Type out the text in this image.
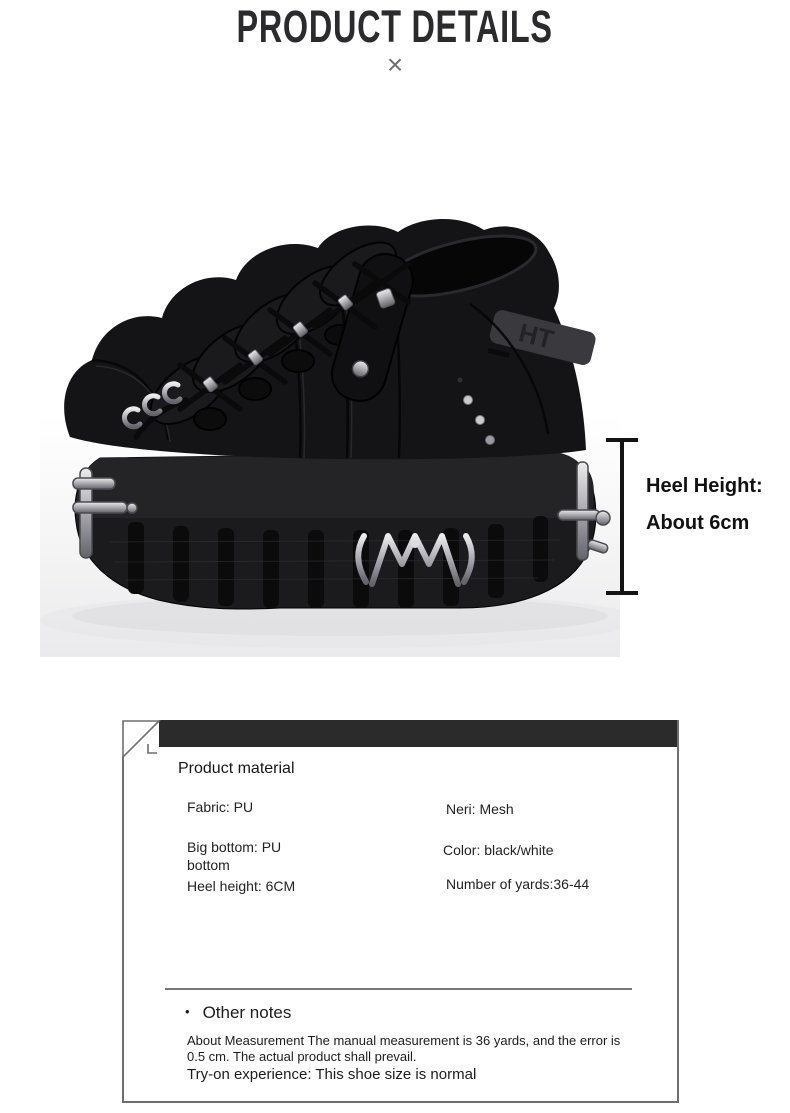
PRODUCT DETAILS
×
HT
Heel Height:
About 6cm
Product material
Fabric: PU	Neri: Mesh
Big bottom: PU bottom
Color: black/white
Heel height: 6CM	Number of yards:36-44
• Other notes
About Measurement The manual measurement is 36 yards, and the error is 0.5 cm. The actual product shall prevail.
Try-on experience: This shoe size is normal
